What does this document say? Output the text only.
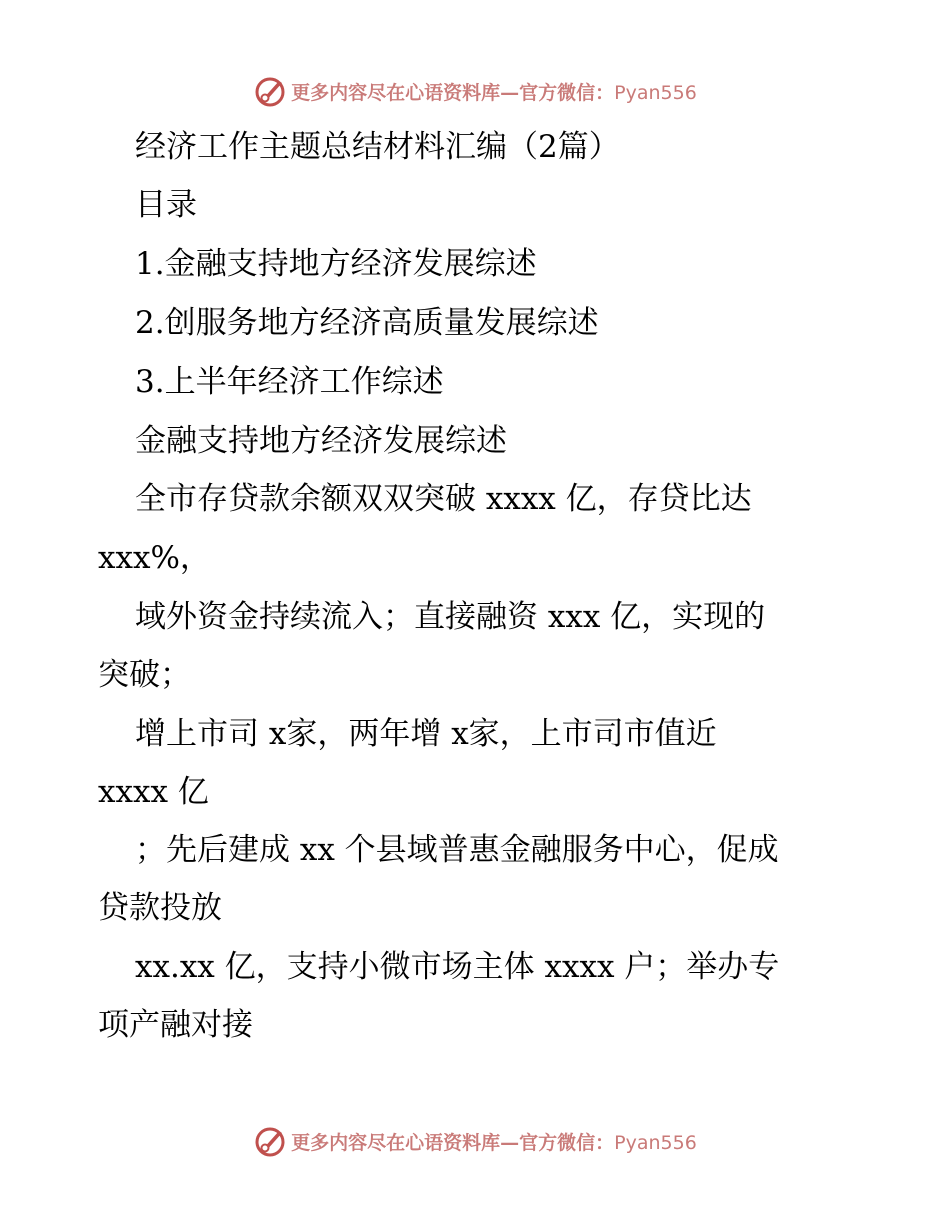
更多内容尽在心语资料库—官方微信：Pyan556
经济工作主题总结材料汇编（2篇）
目录
1.金融支持地方经济发展综述
2.创服务地方经济高质量发展综述
3.上半年经济工作综述
金融支持地方经济发展综述
全市存贷款余额双双突破 xxxx 亿，存贷比达
xxx%，
域外资金持续流入；直接融资 xxx 亿，实现的
突破；
增上市司 x家，两年增 x家，上市司市值近
xxxx 亿
；先后建成 xx 个县域普惠金融服务中心，促成
贷款投放
xx.xx 亿，支持小微市场主体 xxxx 户；举办专
项产融对接
更多内容尽在心语资料库—官方微信：Pyan556
